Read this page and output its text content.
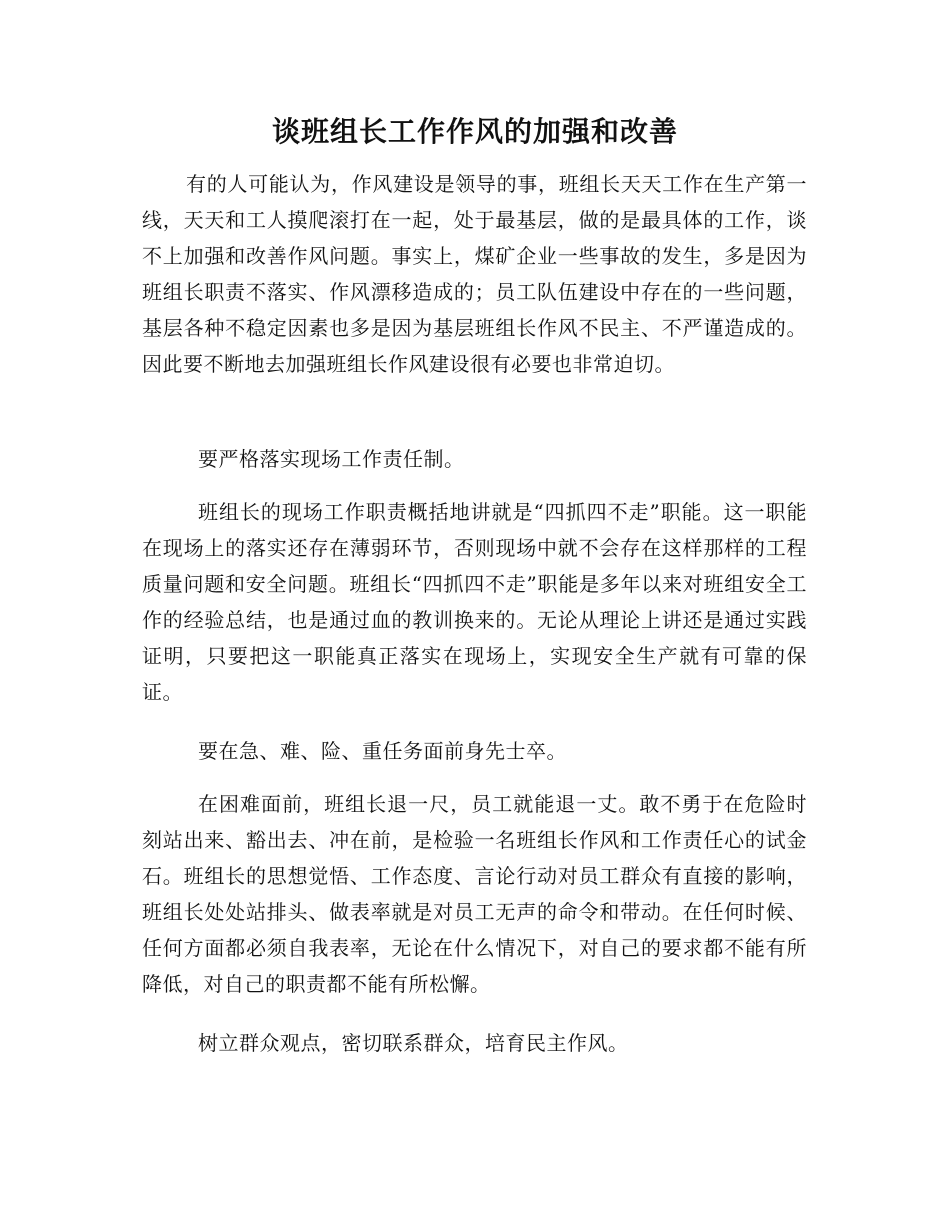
谈班组长工作作风的加强和改善

有的人可能认为，作风建设是领导的事，班组长天天工作在生产第一线，天天和工人摸爬滚打在一起，处于最基层，做的是最具体的工作，谈不上加强和改善作风问题。事实上，煤矿企业一些事故的发生，多是因为班组长职责不落实、作风漂移造成的；员工队伍建设中存在的一些问题，基层各种不稳定因素也多是因为基层班组长作风不民主、不严谨造成的。因此要不断地去加强班组长作风建设很有必要也非常迫切。

要严格落实现场工作责任制。

班组长的现场工作职责概括地讲就是“四抓四不走”职能。这一职能在现场上的落实还存在薄弱环节，否则现场中就不会存在这样那样的工程质量问题和安全问题。班组长“四抓四不走”职能是多年以来对班组安全工作的经验总结，也是通过血的教训换来的。无论从理论上讲还是通过实践证明，只要把这一职能真正落实在现场上，实现安全生产就有可靠的保证。

要在急、难、险、重任务面前身先士卒。

在困难面前，班组长退一尺，员工就能退一丈。敢不勇于在危险时刻站出来、豁出去、冲在前，是检验一名班组长作风和工作责任心的试金石。班组长的思想觉悟、工作态度、言论行动对员工群众有直接的影响，班组长处处站排头、做表率就是对员工无声的命令和带动。在任何时候、任何方面都必须自我表率，无论在什么情况下，对自己的要求都不能有所降低，对自己的职责都不能有所松懈。

树立群众观点，密切联系群众，培育民主作风。
